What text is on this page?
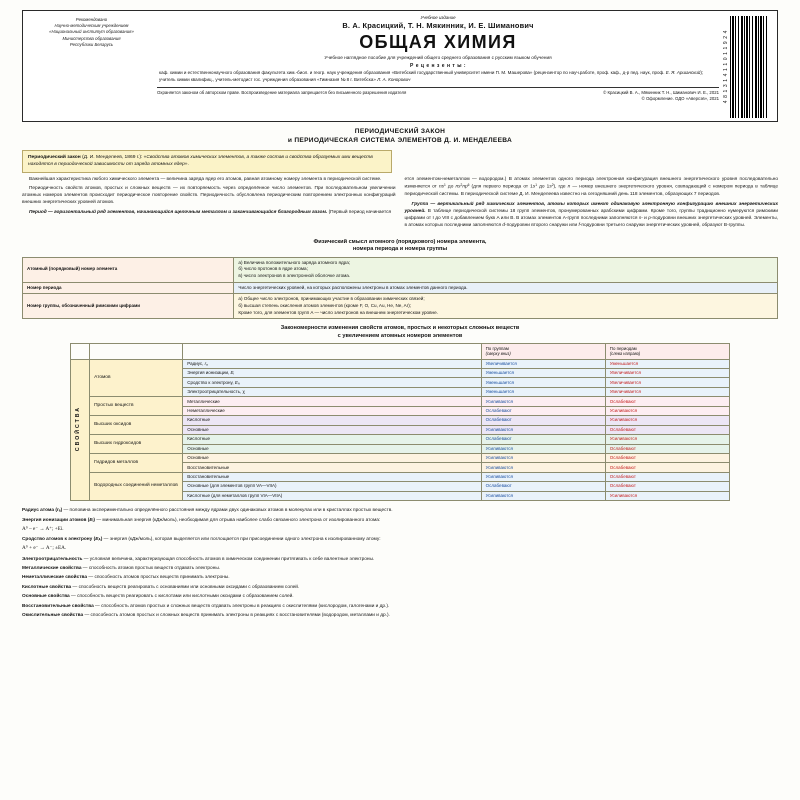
Рекомендовано
Научно-методическим учреждением
«Национальный институт образования»
Министерства образования
Республики Беларусь
Учебное издание
В. А. Красицкий, Т. Н. Мякинник, И. Е. Шиманович
ОБЩАЯ ХИМИЯ
Учебное наглядное пособие для учреждений общего среднего образования с русским языком обучения
Р е ц е н з е н т ы :
каф. химии и естественнонаучного образования факультета хим.-биол. и геогр. наук учреждения образования «Витебский государственный университет имени П. М. Машерова» (рецензентор по науч.работе, проф. каф., д-р пед. наук, проф. Е. Я. Аршанский); учитель химии квалифиц., учитель-методист гос. учреждения образования «Гимназия № 8 г. Витебска» Л. А. Конорович
Охраняется законом об авторском праве. Воспроизведение материала запрещается без письменного разрешения издателя	© Красицкий В. А., Мякинник Т. Н., Шиманович И. Е., 2021
© Оформление. ОДО «Аверсэв», 2021 4 8 1 3 1 4 1 1 0 1 1 9 2 4
ПЕРИОДИЧЕСКИЙ ЗАКОН
и ПЕРИОДИЧЕСКАЯ СИСТЕМА ЭЛЕМЕНТОВ Д. И. МЕНДЕЛЕЕВА
Периодический закон (Д. И. Менделеев, 1869 г.): «Свойства атомов химических элементов, а также состав и свойства образуемых ими веществ находятся в периодической зависимости от заряда атомных ядер».

Важнейшая характеристика любого химического элемента — величина заряда ядер его атомов, равная атомному номеру элемента в периодической системе.

Периодичность свойств атомов, простых и сложных веществ — их повторяемость через определённое число элементов. При последовательном увеличении атомных номеров элементов происходит периодическое повторение свойств. Периодичность обусловлена периодическим повторением электронных конфигураций внешних энергетических уровней атомов.

Период — горизонтальный ряд элементов, начинающийся щелочным металлом и заканчивающийся благородным газом. (Первый период начинается

ется элементом-неметаллом — водородом.) В атомах элементов одного периода электронная конфигурация внешнего энергетического уровня последовательно изменяется от $ns^1$ до $ns^2np^6$ (для первого периода от $1s^1$ до $1s^2$), где n — номер внешнего энергетического уровня, совпадающий с номером периода в таблице периодической системы. В периодической системе Д. И. Менделеева известно на сегодняшний день 118 элементов, образующих 7 периодов.

Группа — вертикальный ряд химических элементов, атомы которых имеют одинаковую электронную конфигурацию внешних энергетических уровней. В таблице периодической системы 18 групп элементов, пронумерованных арабскими цифрами. Кроме того, группы традиционно нумеруются римскими цифрами от I до VIII с добавлением букв A или B. В атомах элементов A-групп последними заполняются s- и p-подуровни внешних энергетических уровней. Элементы, в атомах которых последними заполняются d-подуровни второго снаружи или f-подуровни третьего снаружи энергетических уровней, образуют B-группы.

Физический смысл атомного (порядкового) номера элемента,
номера периода и номера группы
Атомный (порядковый) номер элемента	а) Величина положительного заряда атомного ядра;
б) число протонов в ядре атома;
в) число электронов в электронной оболочке атома.
Номер периода	Число энергетических уровней, на которых расположены электроны в атомах элементов данного периода.
Номер группы, обозначенный римскими цифрами	а) Общее число электронов, принимающих участие в образовании химических связей;
б) высшая степень окисления атомов элементов (кроме F, O, Cu, Au, He, Ne, Ar);
Кроме того, для элементов групп A — число электронов на внешнем энергетическом уровне.
Закономерности изменения свойств атомов, простых и некоторых сложных веществ
с увеличением атомных номеров элементов
			По группам
(сверху вниз)	По периодам
(слева направо)
СВОЙСТВА	Атомов	Радиус, $r_а$	Увеличивается	Уменьшается
		Энергия ионизации, $E_i$	Уменьшается	Увеличивается
		Сродство к электрону, $E_A$	Уменьшается	Увеличивается
		Электроотрицательность, χ	Уменьшается	Увеличивается
	Простых веществ	Металлические	Усиливаются	Ослабевают
		Неметаллические	Ослабевают	Усиливаются
	Высших оксидов	Кислотные	Ослабевают	Усиливаются
		Основные	Усиливаются	Ослабевают
	Высших гидроксидов	Кислотные	Ослабевают	Усиливаются
		Основные	Усиливаются	Ослабевают
	Гидридов металлов	Основные	Усиливаются	Ослабевают
		Восстановительные	Усиливаются	Ослабевают
	Водородных соединений неметаллов	Восстановительные	Усиливаются	Ослабевают
		Основные (для элементов групп VA—VIIA)	Ослабевают	Ослабевают
		Кислотные (для неметаллов групп VIA—VIIA)	Усиливаются	Усиливаются

Радиус атома $(r_а)$ — половина экспериментально определённого расстояния между ядрами двух одинаковых атомов в молекулах или в кристаллах простых веществ.

Энергия ионизации атомов $(E_i)$ — минимальная энергия (кДж/моль), необходимая для отрыва наиболее слабо связанного электрона от изолированного атома:

A⁰ – e⁻ → A⁺; +Ei.

Сродство атомов к электрону $(E_A)$ — энергия (кДж/моль), которая выделяется или поглощается при присоединении одного электрона к изолированному атому:

A⁰ + e⁻ → A⁻; ±EA.

Электроотрицательность — условная величина, характеризующая способность атомов в химическом соединении притягивать к себе валентные электроны.

Металлические свойства — способность атомов простых веществ отдавать электроны.

Неметаллические свойства — способность атомов простых веществ принимать электроны.

Кислотные свойства — способность веществ реагировать с основаниями или основными оксидами с образованием солей.

Основные свойства — способность веществ реагировать с кислотами или кислотными оксидами с образованием солей.

Восстановительные свойства — способность атомов простых и сложных веществ отдавать электроны в реакциях с окислителями (кислородом, галогенами и др.).

Окислительные свойства — способность атомов простых и сложных веществ принимать электроны в реакциях с восстановителями (водородом, металлами и др.).
